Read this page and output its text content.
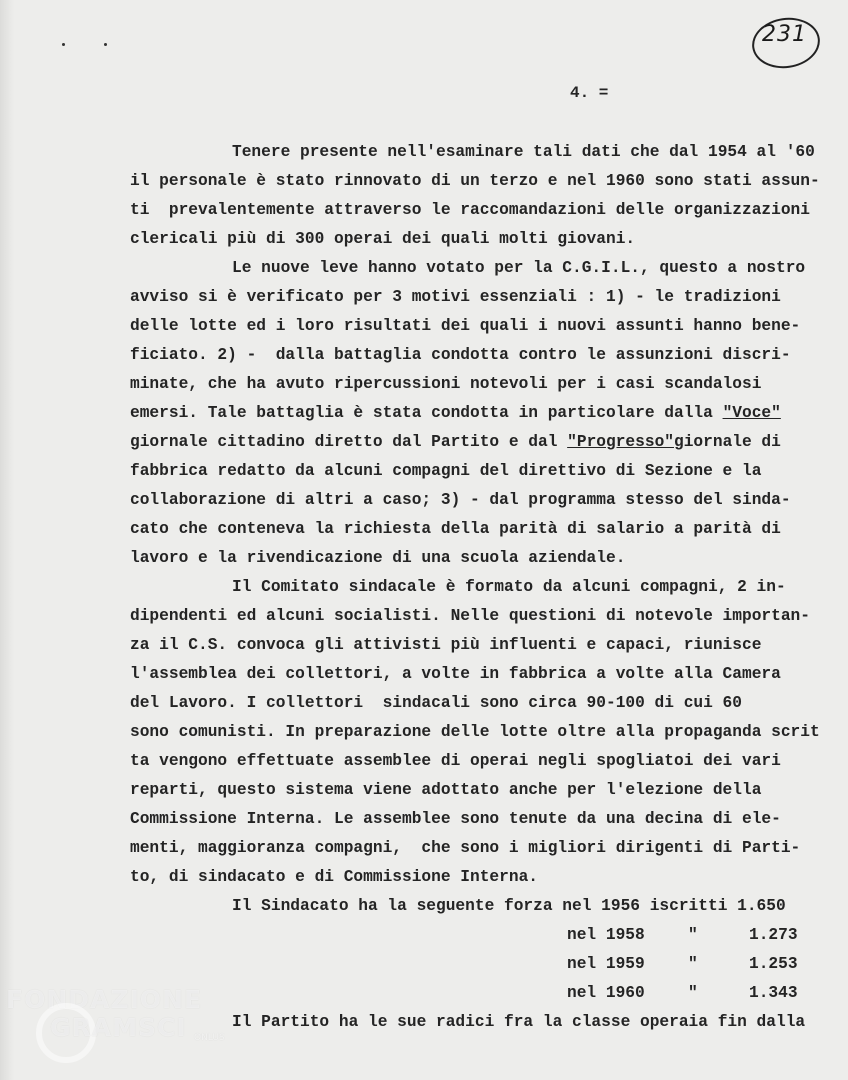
231
4. =
Tenere presente nell'esaminare tali dati che dal 1954 al '60
il personale è stato rinnovato di un terzo e nel 1960 sono stati assun-
ti  prevalentemente attraverso le raccomandazioni delle organizzazioni
clericali più di 300 operai dei quali molti giovani.
Le nuove leve hanno votato per la C.G.I.L., questo a nostro
avviso si è verificato per 3 motivi essenziali : 1) - le tradizioni
delle lotte ed i loro risultati dei quali i nuovi assunti hanno bene-
ficiato. 2) -  dalla battaglia condotta contro le assunzioni discri-
minate, che ha avuto ripercussioni notevoli per i casi scandalosi
emersi. Tale battaglia è stata condotta in particolare dalla "Voce"
giornale cittadino diretto dal Partito e dal "Progresso"giornale di
fabbrica redatto da alcuni compagni del direttivo di Sezione e la
collaborazione di altri a caso; 3) - dal programma stesso del sinda-
cato che conteneva la richiesta della parità di salario a parità di
lavoro e la rivendicazione di una scuola aziendale.
Il Comitato sindacale è formato da alcuni compagni, 2 in-
dipendenti ed alcuni socialisti. Nelle questioni di notevole importan-
za il C.S. convoca gli attivisti più influenti e capaci, riunisce
l'assemblea dei collettori, a volte in fabbrica a volte alla Camera
del Lavoro. I collettori  sindacali sono circa 90-100 di cui 60
sono comunisti. In preparazione delle lotte oltre alla propaganda scrit
ta vengono effettuate assemblee di operai negli spogliatoi dei vari
reparti, questo sistema viene adottato anche per l'elezione della
Commissione Interna. Le assemblee sono tenute da una decina di ele-
menti, maggioranza compagni,  che sono i migliori dirigenti di Parti-
to, di sindacato e di Commissione Interna.
Il Sindacato ha la seguente forza nel 1956 iscritti 1.650
nel 1958	"	1.273
nel 1959	"	1.253
nel 1960	"	1.343
Il Partito ha le sue radici fra la classe operaia fin dalla
FONDAZIONE
GRAMSCI ONLUS
